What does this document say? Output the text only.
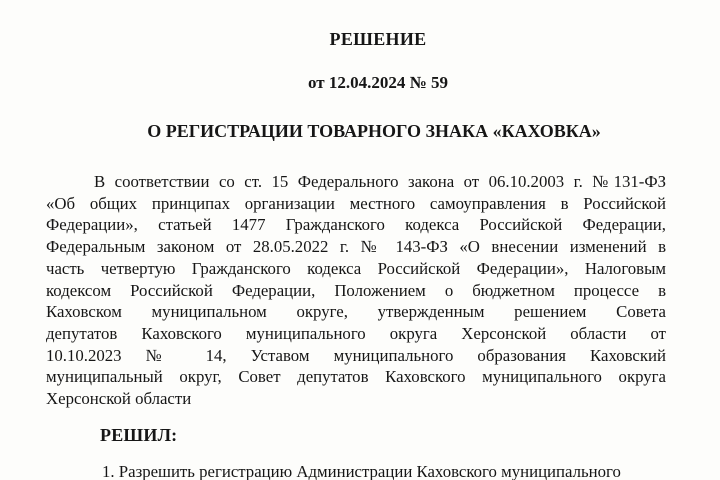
РЕШЕНИЕ
от 12.04.2024 № 59
О РЕГИСТРАЦИИ ТОВАРНОГО ЗНАКА «КАХОВКА»
В соответствии со ст. 15 Федерального закона от 06.10.2003 г. №131-ФЗ
«Об общих принципах организации местного самоуправления в Российской
Федерации», статьей 1477 Гражданского кодекса Российской Федерации,
Федеральным законом от 28.05.2022 г. № 143-ФЗ «О внесении изменений в
часть четвертую Гражданского кодекса Российской Федерации», Налоговым
кодексом Российской Федерации, Положением о бюджетном процессе в
Каховском муниципальном округе, утвержденным решением Совета
депутатов Каховского муниципального округа Херсонской области от
10.10.2023 № 14, Уставом муниципального образования Каховский
муниципальный округ, Совет депутатов Каховского муниципального округа
Херсонской области
РЕШИЛ:
1. Разрешить регистрацию Администрации Каховского муниципального
